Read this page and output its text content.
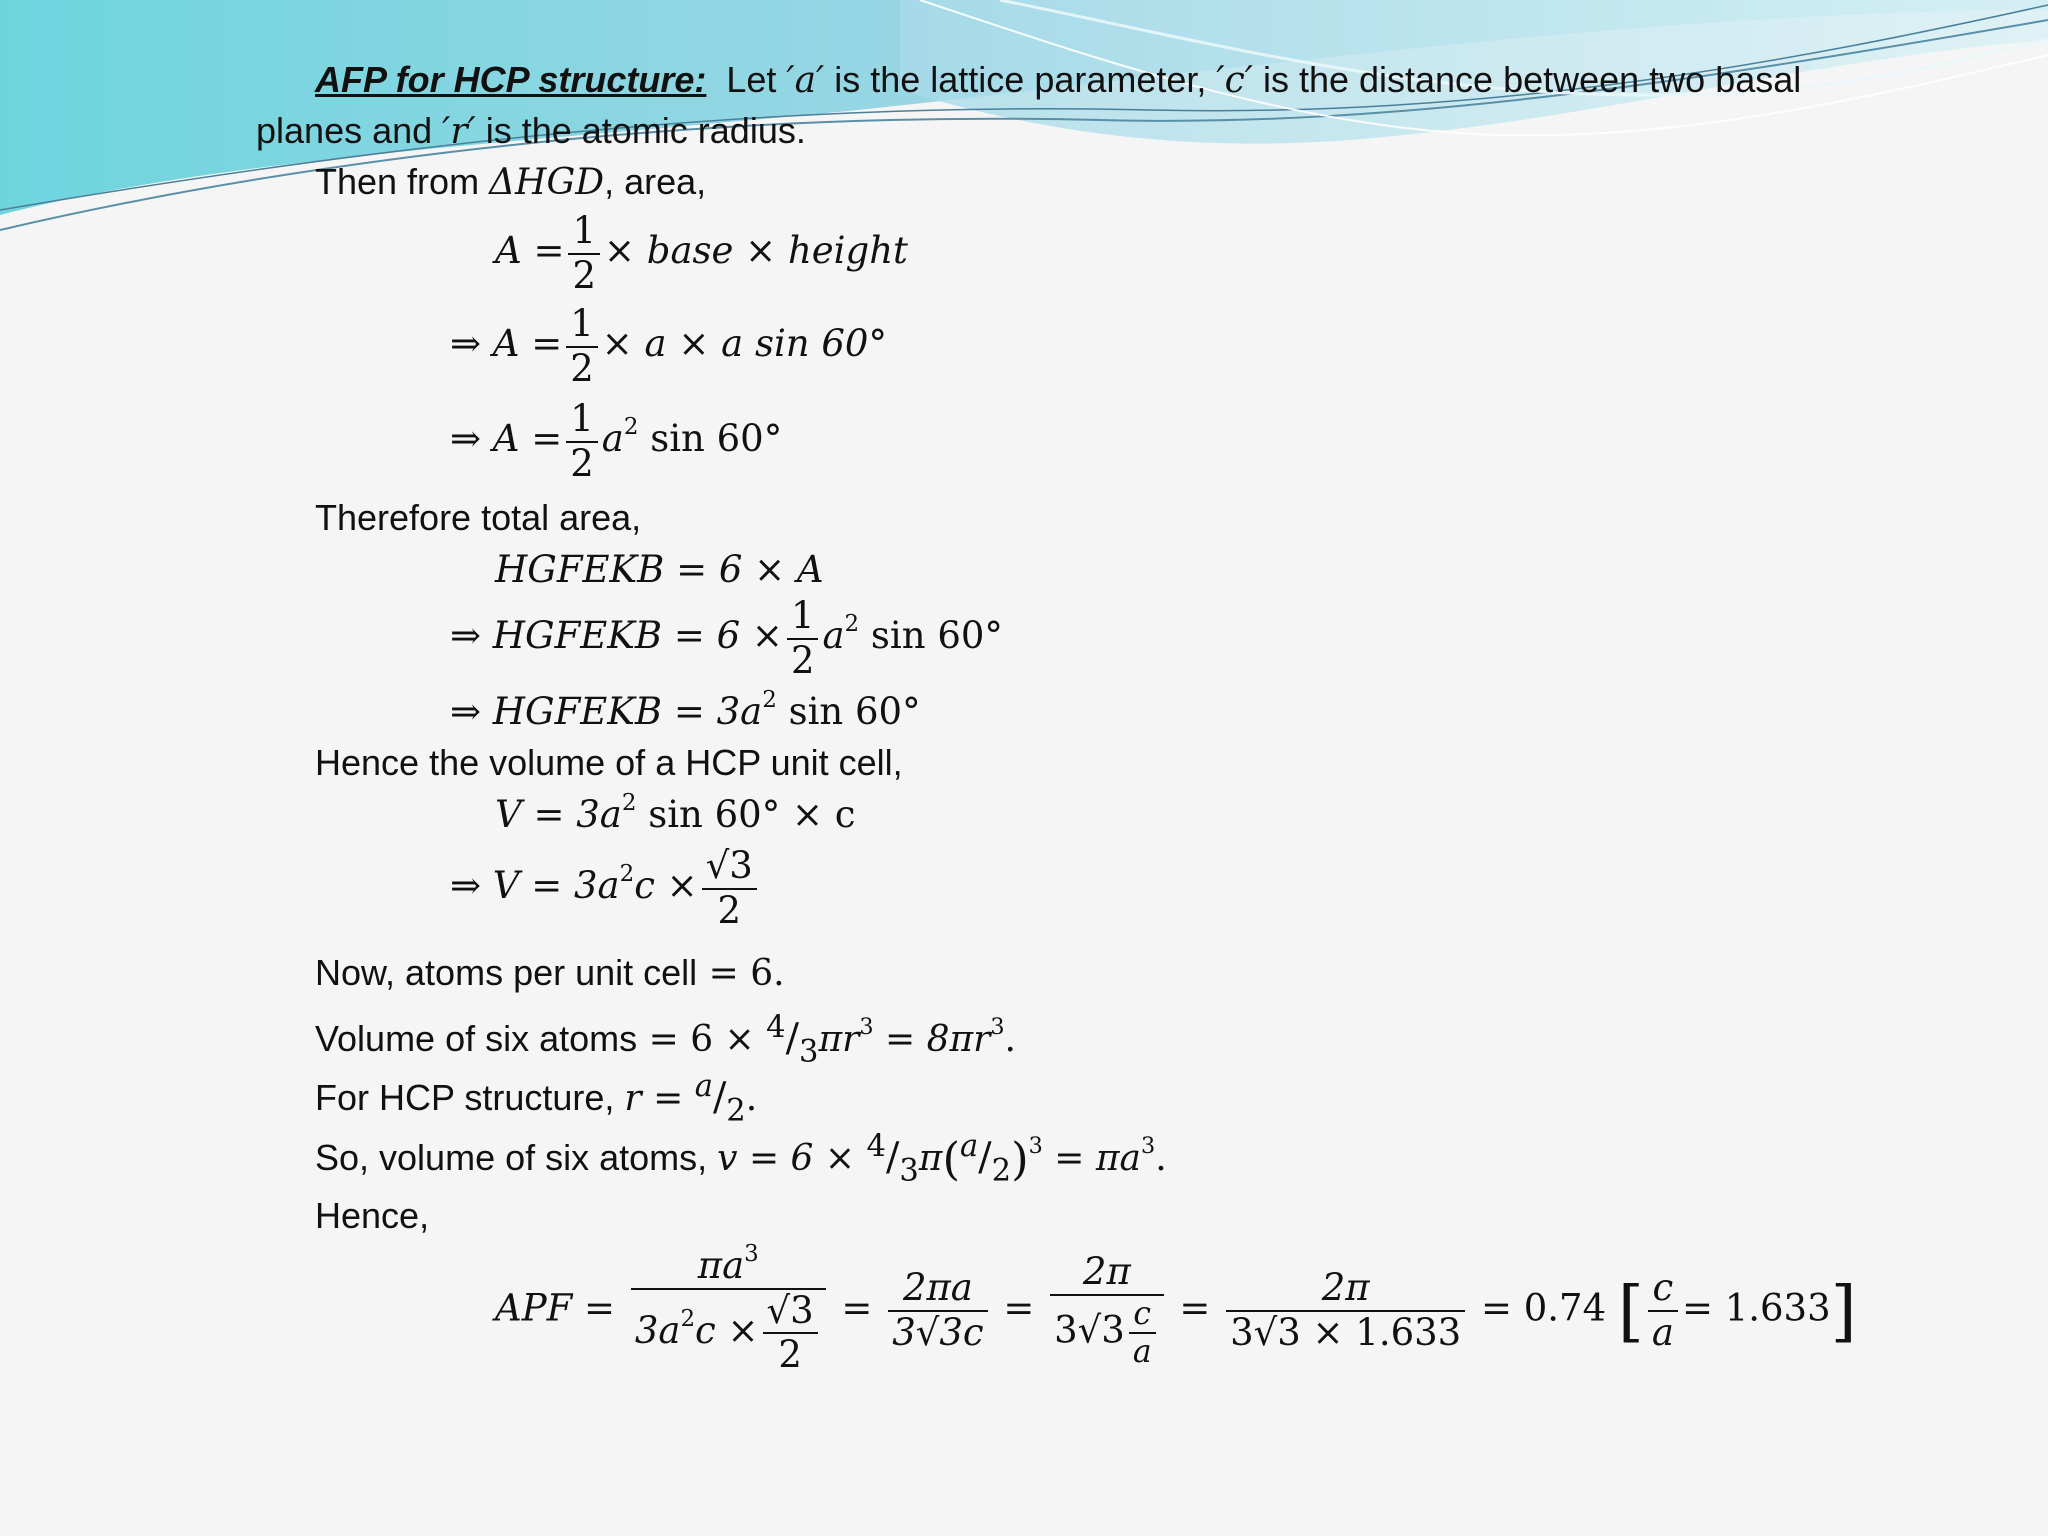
AFP for HCP structure: Let ′a′ is the lattice parameter, ′c′ is the distance between two basal
planes and ′r′ is the atomic radius.
Then from ΔHGD, area,
$A = \frac{1}{2}$ × base × height
⇒ $A = \frac{1}{2} \times a \times a$ sin 60°
⇒ $A = \frac{1}{2} a^2$ sin 60°
Therefore total area,
HGFEKB = 6 × A
⇒ HGFEKB = $6 \times \frac{1}{2} a^2$ sin 60°
⇒ HGFEKB = $3a^2$ sin 60°
Hence the volume of a HCP unit cell,
$V = 3a^2$ sin 60° × c
⇒ $V = 3a^2c \times \frac{√3}{2}$
Now, atoms per unit cell = 6.
Volume of six atoms = $6 \times 4/3\pi r^3 = 8\pi r^3$.
For HCP structure, r = a/2.
So, volume of six atoms, $v = 6 \times 4/3\pi(a/2)^3 = \pi a^3$.
Hence,
APF = $\frac{\pi a^3}{3a^2c \times \frac{√3}{2}} = \frac{2\pi a}{3√3c} = \frac{2\pi}{3√3 \frac{c}{a}} = \frac{2\pi}{3√3 \times 1.633} = 0.74$ [ $\frac{c}{a} = 1.633$]
